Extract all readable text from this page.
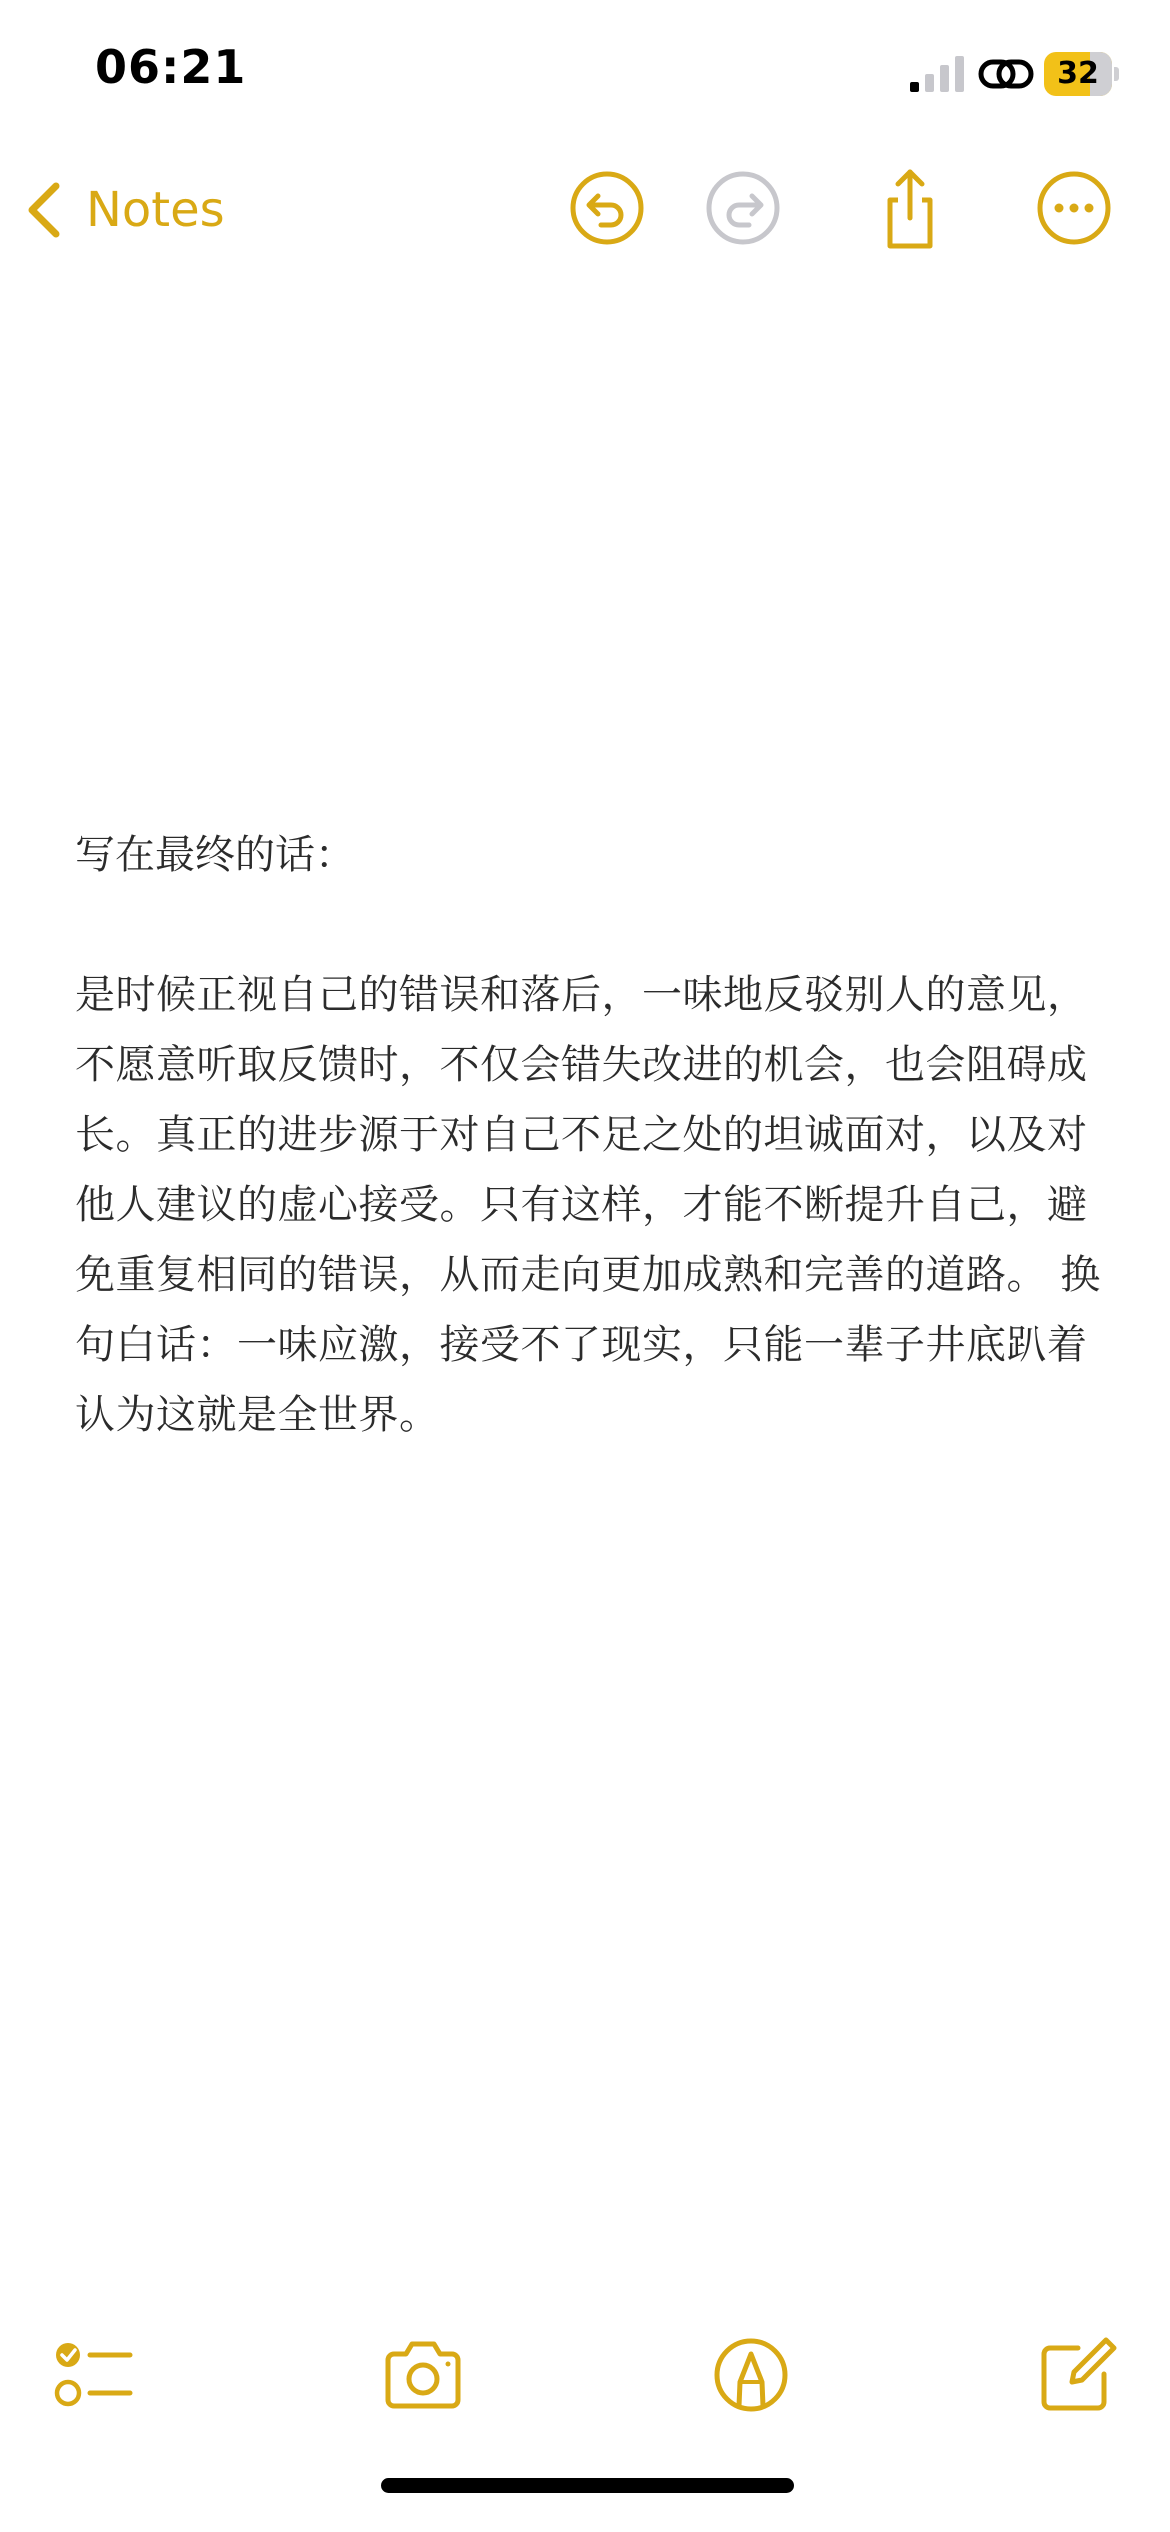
06:21	32
Notes

写在最终的话：

是时候正视自己的错误和落后，一味地反驳别人的意见，不愿意听取反馈时，不仅会错失改进的机会，也会阻碍成长。真正的进步源于对自己不足之处的坦诚面对，以及对他人建议的虚心接受。只有这样，才能不断提升自己，避免重复相同的错误，从而走向更加成熟和完善的道路。 换句白话：一味应激，接受不了现实，只能一辈子井底趴着认为这就是全世界。
